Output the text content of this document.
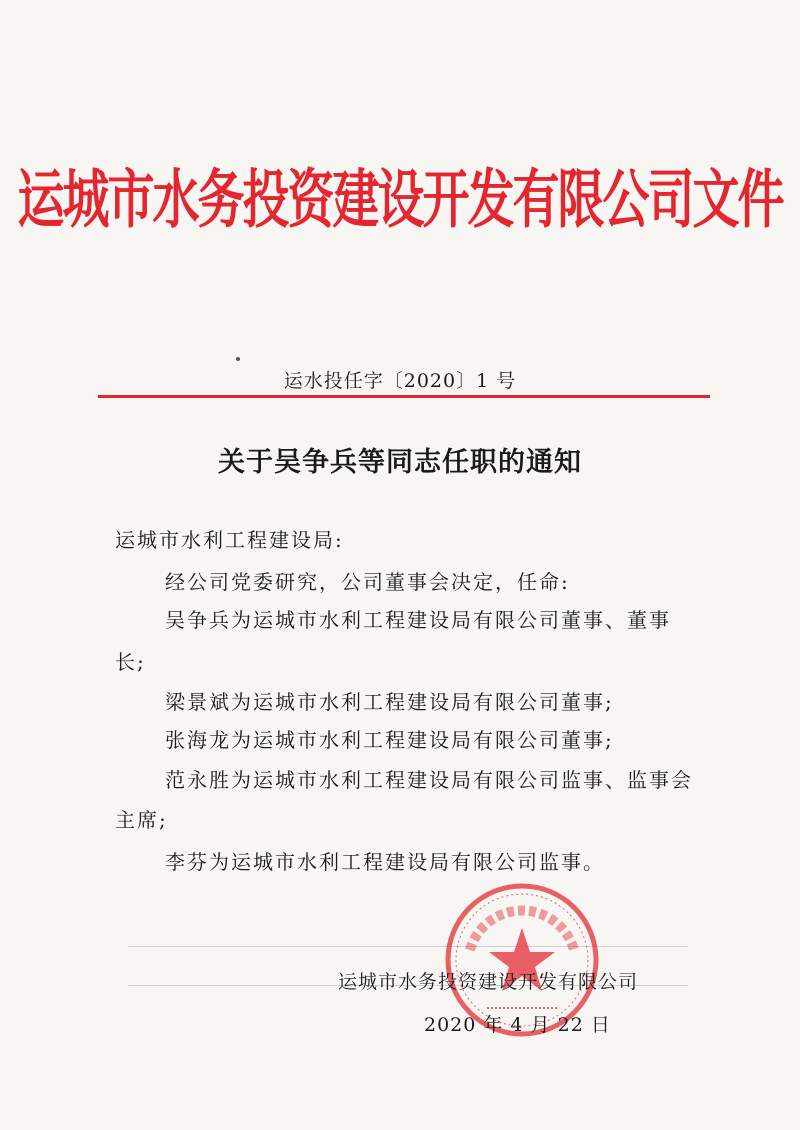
运城市水务投资建设开发有限公司文件
运水投任字〔2020〕1 号
关于吴争兵等同志任职的通知
运城市水利工程建设局:
经公司党委研究，公司董事会决定，任命:
吴争兵为运城市水利工程建设局有限公司董事、董事
长;
梁景斌为运城市水利工程建设局有限公司董事;
张海龙为运城市水利工程建设局有限公司董事;
范永胜为运城市水利工程建设局有限公司监事、监事会
主席;
李芬为运城市水利工程建设局有限公司监事。
运城市水务投资建设开发有限公司
2020 年 4 月 22 日
